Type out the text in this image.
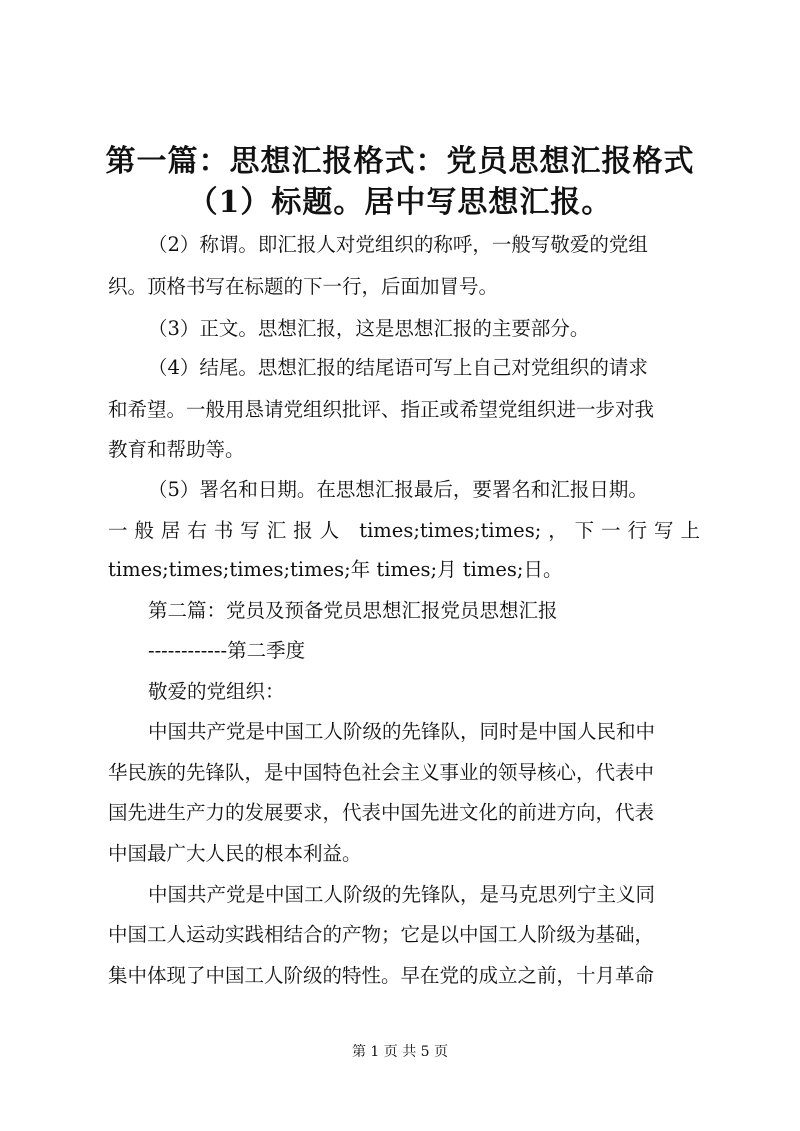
第一篇：思想汇报格式：党员思想汇报格式
（1）标题。居中写思想汇报。
（2）称谓。即汇报人对党组织的称呼，一般写敬爱的党组
织。顶格书写在标题的下一行，后面加冒号。
（3）正文。思想汇报，这是思想汇报的主要部分。
（4）结尾。思想汇报的结尾语可写上自己对党组织的请求
和希望。一般用恳请党组织批评、指正或希望党组织进一步对我
教育和帮助等。
（5）署名和日期。在思想汇报最后，要署名和汇报日期。
一般居右书写汇报人 times;times;times;，下一行写上
times;times;times;times;年 times;月 times;日。
第二篇：党员及预备党员思想汇报党员思想汇报
------------第二季度
敬爱的党组织：
中国共产党是中国工人阶级的先锋队，同时是中国人民和中
华民族的先锋队，是中国特色社会主义事业的领导核心，代表中
国先进生产力的发展要求，代表中国先进文化的前进方向，代表
中国最广大人民的根本利益。
中国共产党是中国工人阶级的先锋队，是马克思列宁主义同
中国工人运动实践相结合的产物；它是以中国工人阶级为基础，
集中体现了中国工人阶级的特性。早在党的成立之前，十月革命
第 1 页 共 5 页
